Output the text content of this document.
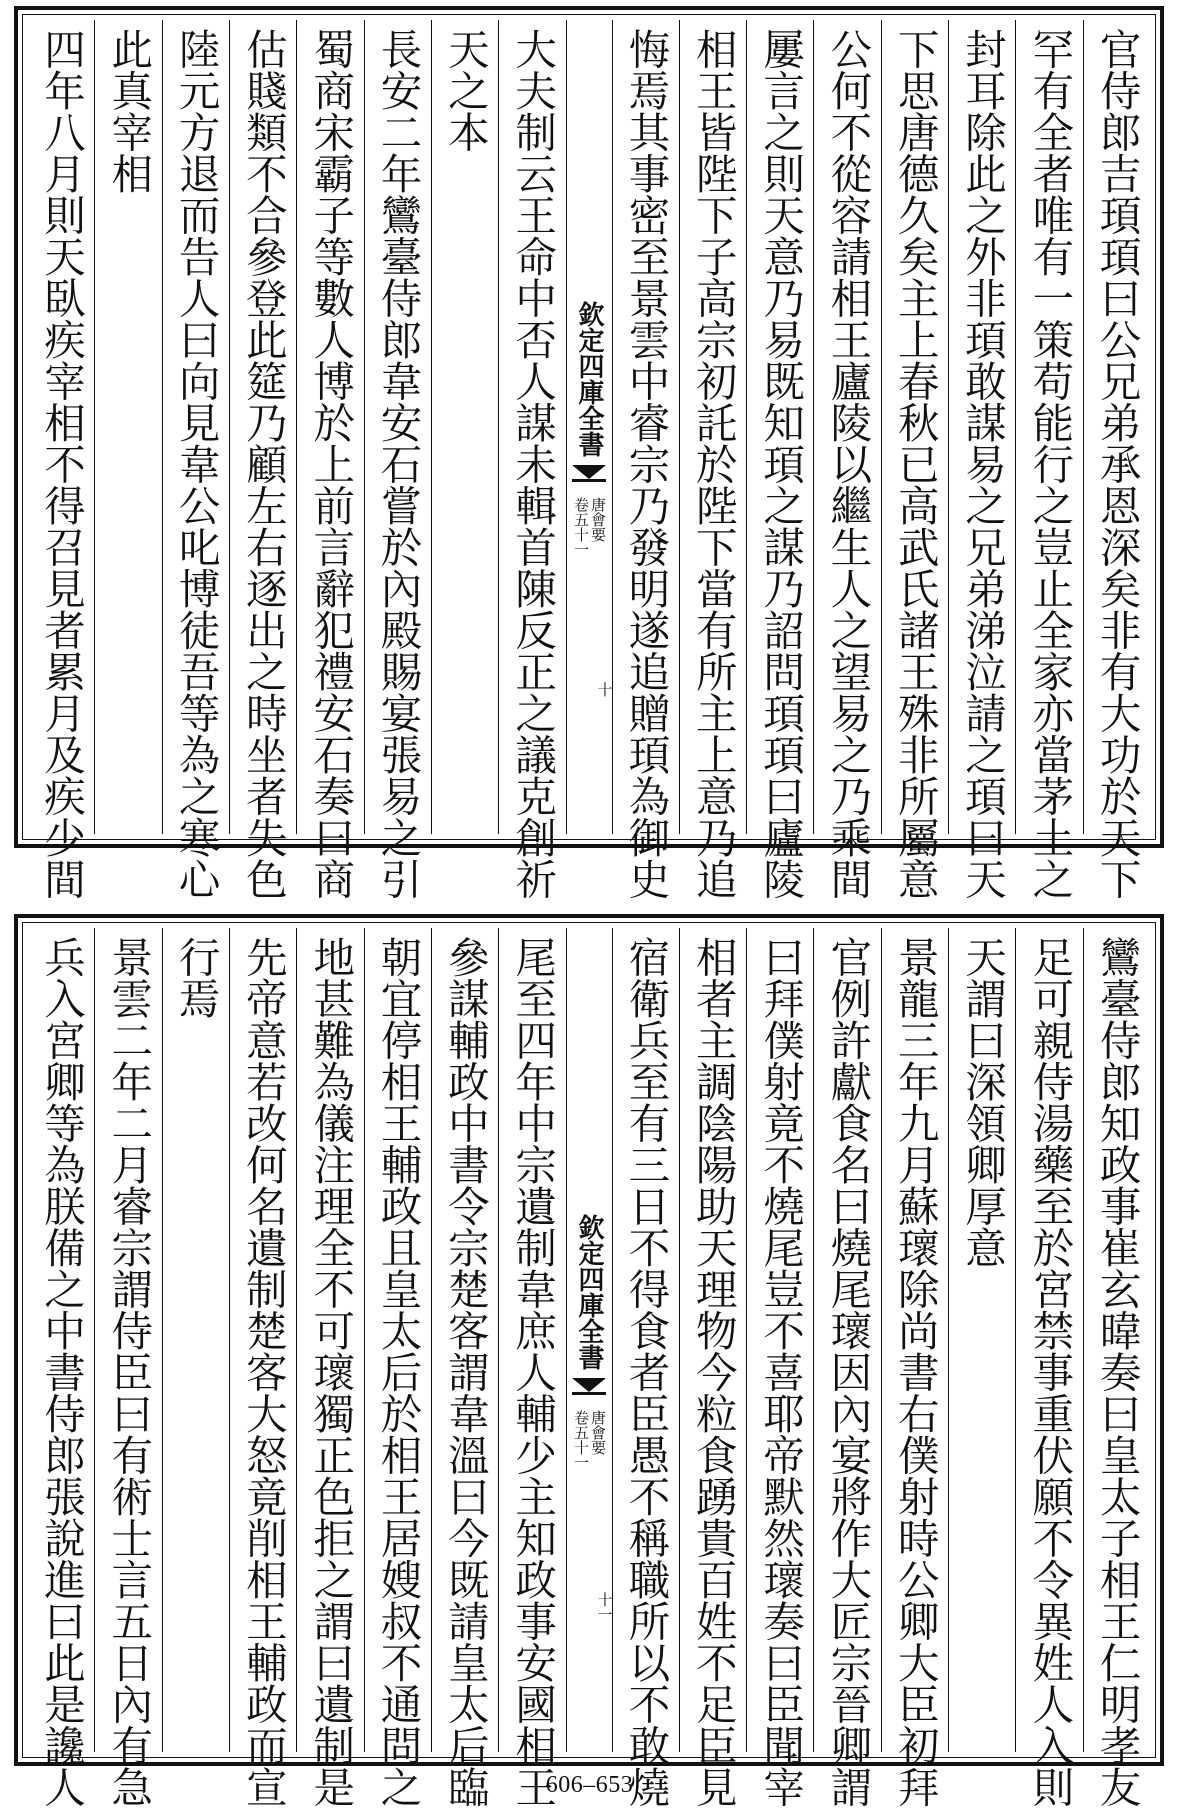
官侍郎吉頊頊曰公兄弟承恩深矣非有大功於天下
罕有全者唯有一策苟能行之豈止全家亦當茅土之
封耳除此之外非頊敢謀易之兄弟涕泣請之頊曰天
下思唐德久矣主上春秋已高武氏諸王殊非所屬意
公何不從容請相王廬陵以繼生人之望易之乃乘間
屢言之則天意乃易既知頊之謀乃詔問頊頊曰廬陵
相王皆陛下子高宗初託於陛下當有所主上意乃追
悔焉其事密至景雲中睿宗乃發明遂追贈頊為御史
欽定四庫全書
唐會要
卷五十一
十
大夫制云王命中否人謀未輯首陳反正之議克創祈
天之本
長安二年鸞臺侍郎韋安石嘗於內殿賜宴張易之引
蜀商宋霸子等數人博於上前言辭犯禮安石奏曰商
估賤類不合參登此筵乃顧左右逐出之時坐者失色
陸元方退而告人曰向見韋公叱博徒吾等為之寒心
此真宰相
四年八月則天臥疾宰相不得召見者累月及疾少間
鸞臺侍郎知政事崔玄暐奏曰皇太子相王仁明孝友
足可親侍湯藥至於宮禁事重伏願不令異姓人入則
天謂曰深領卿厚意
景龍三年九月蘇瓌除尚書右僕射時公卿大臣初拜
官例許獻食名曰燒尾瓌因內宴將作大匠宗晉卿謂
曰拜僕射竟不燒尾豈不喜耶帝默然瓌奏曰臣聞宰
相者主調陰陽助天理物今粒食踴貴百姓不足臣見
宿衛兵至有三日不得食者臣愚不稱職所以不敢燒
欽定四庫全書
唐會要
卷五十一
十一
尾至四年中宗遺制韋庶人輔少主知政事安國相王
參謀輔政中書令宗楚客謂韋溫曰今既請皇太后臨
朝宜停相王輔政且皇太后於相王居嫂叔不通問之
地甚難為儀注理全不可瓌獨正色拒之謂曰遺制是
先帝意若改何名遺制楚客大怒竟削相王輔政而宣
行焉
景雲二年二月睿宗謂侍臣曰有術士言五日內有急
兵入宮卿等為朕備之中書侍郎張說進曰此是讒人	606–653
